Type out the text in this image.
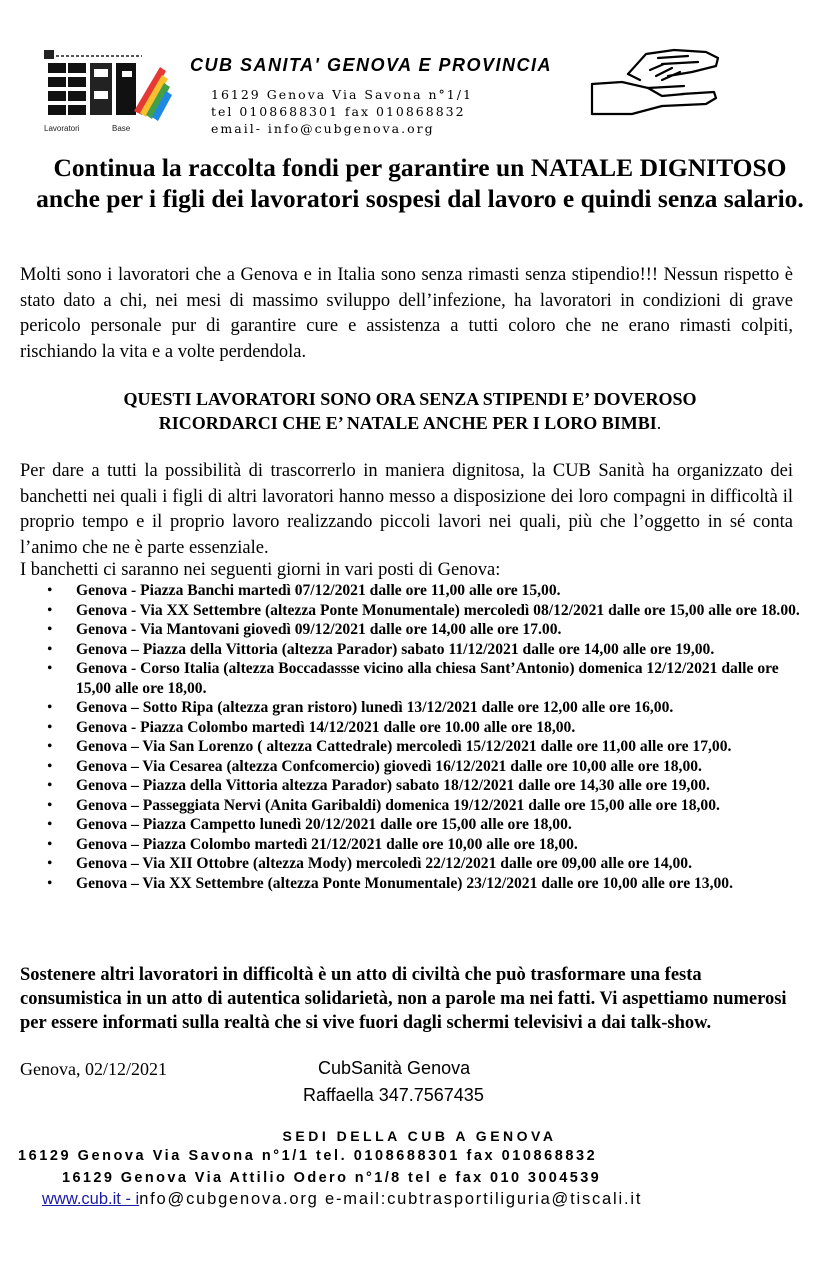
Lavoratori	Base
CUB SANITA' GENOVA E PROVINCIA
16129 Genova Via Savona n°1/1
tel 0108688301 fax 010868832
email- info@cubgenova.org
Continua la raccolta fondi per garantire un NATALE DIGNITOSO anche per i figli dei lavoratori sospesi dal lavoro e quindi senza salario.
Molti sono i lavoratori che a Genova e in Italia sono senza rimasti senza stipendio!!! Nessun rispetto è stato dato a chi, nei mesi di massimo sviluppo dell’infezione, ha lavoratori in condizioni di grave pericolo personale pur di garantire cure e assistenza a tutti coloro che ne erano rimasti colpiti, rischiando la vita e a volte perdendola.
QUESTI LAVORATORI SONO ORA SENZA STIPENDI E’ DOVEROSO
RICORDARCI CHE E’ NATALE ANCHE PER I LORO BIMBI.
Per dare a tutti la possibilità di trascorrerlo in maniera dignitosa, la CUB Sanità ha organizzato dei banchetti nei quali i figli di altri lavoratori hanno messo a disposizione dei loro compagni in difficoltà il proprio tempo e il proprio lavoro realizzando piccoli lavori nei quali, più che l’oggetto in sé conta l’animo che ne è parte essenziale.
I banchetti ci saranno nei seguenti giorni in vari posti di Genova:
• Genova - Piazza Banchi martedì 07/12/2021 dalle ore 11,00 alle ore 15,00.
• Genova - Via XX Settembre (altezza Ponte Monumentale) mercoledì 08/12/2021 dalle ore 15,00 alle ore 18.00.
• Genova - Via Mantovani giovedì 09/12/2021 dalle ore 14,00 alle ore 17.00.
• Genova – Piazza della Vittoria (altezza Parador) sabato 11/12/2021 dalle ore 14,00 alle ore 19,00.
• Genova - Corso Italia (altezza Boccadassse vicino alla chiesa Sant’Antonio) domenica 12/12/2021 dalle ore 15,00 alle ore 18,00.
• Genova – Sotto Ripa (altezza gran ristoro) lunedì 13/12/2021 dalle ore 12,00 alle ore 16,00.
• Genova - Piazza Colombo martedì 14/12/2021 dalle ore 10.00 alle ore 18,00.
• Genova – Via San Lorenzo ( altezza Cattedrale) mercoledì 15/12/2021 dalle ore 11,00 alle ore 17,00.
• Genova – Via Cesarea (altezza Confcomercio) giovedì 16/12/2021 dalle ore 10,00 alle ore 18,00.
• Genova – Piazza della Vittoria altezza Parador) sabato 18/12/2021 dalle ore 14,30 alle ore 19,00.
• Genova – Passeggiata Nervi (Anita Garibaldi) domenica 19/12/2021 dalle ore 15,00 alle ore 18,00.
• Genova – Piazza Campetto lunedì 20/12/2021 dalle ore 15,00 alle ore 18,00.
• Genova – Piazza Colombo martedì 21/12/2021 dalle ore 10,00 alle ore 18,00.
• Genova – Via XII Ottobre (altezza Mody) mercoledì 22/12/2021 dalle ore 09,00 alle ore 14,00.
• Genova – Via XX Settembre (altezza Ponte Monumentale) 23/12/2021 dalle ore 10,00 alle ore 13,00.
Sostenere altri lavoratori in difficoltà è un atto di civiltà che può trasformare una festa consumistica in un atto di autentica solidarietà, non a parole ma nei fatti. Vi aspettiamo numerosi per essere informati sulla realtà che si vive fuori dagli schermi televisivi a dai talk-show.
Genova, 02/12/2021	CubSanità Genova
Raffaella 347.7567435
SEDI DELLA CUB A GENOVA
16129 Genova Via Savona n°1/1 tel. 0108688301 fax 010868832
16129 Genova Via Attilio Odero n°1/8 tel e fax 010 3004539
www.cub.it - info@cubgenova.org e-mail:cubtrasportiliguria@tiscali.it
